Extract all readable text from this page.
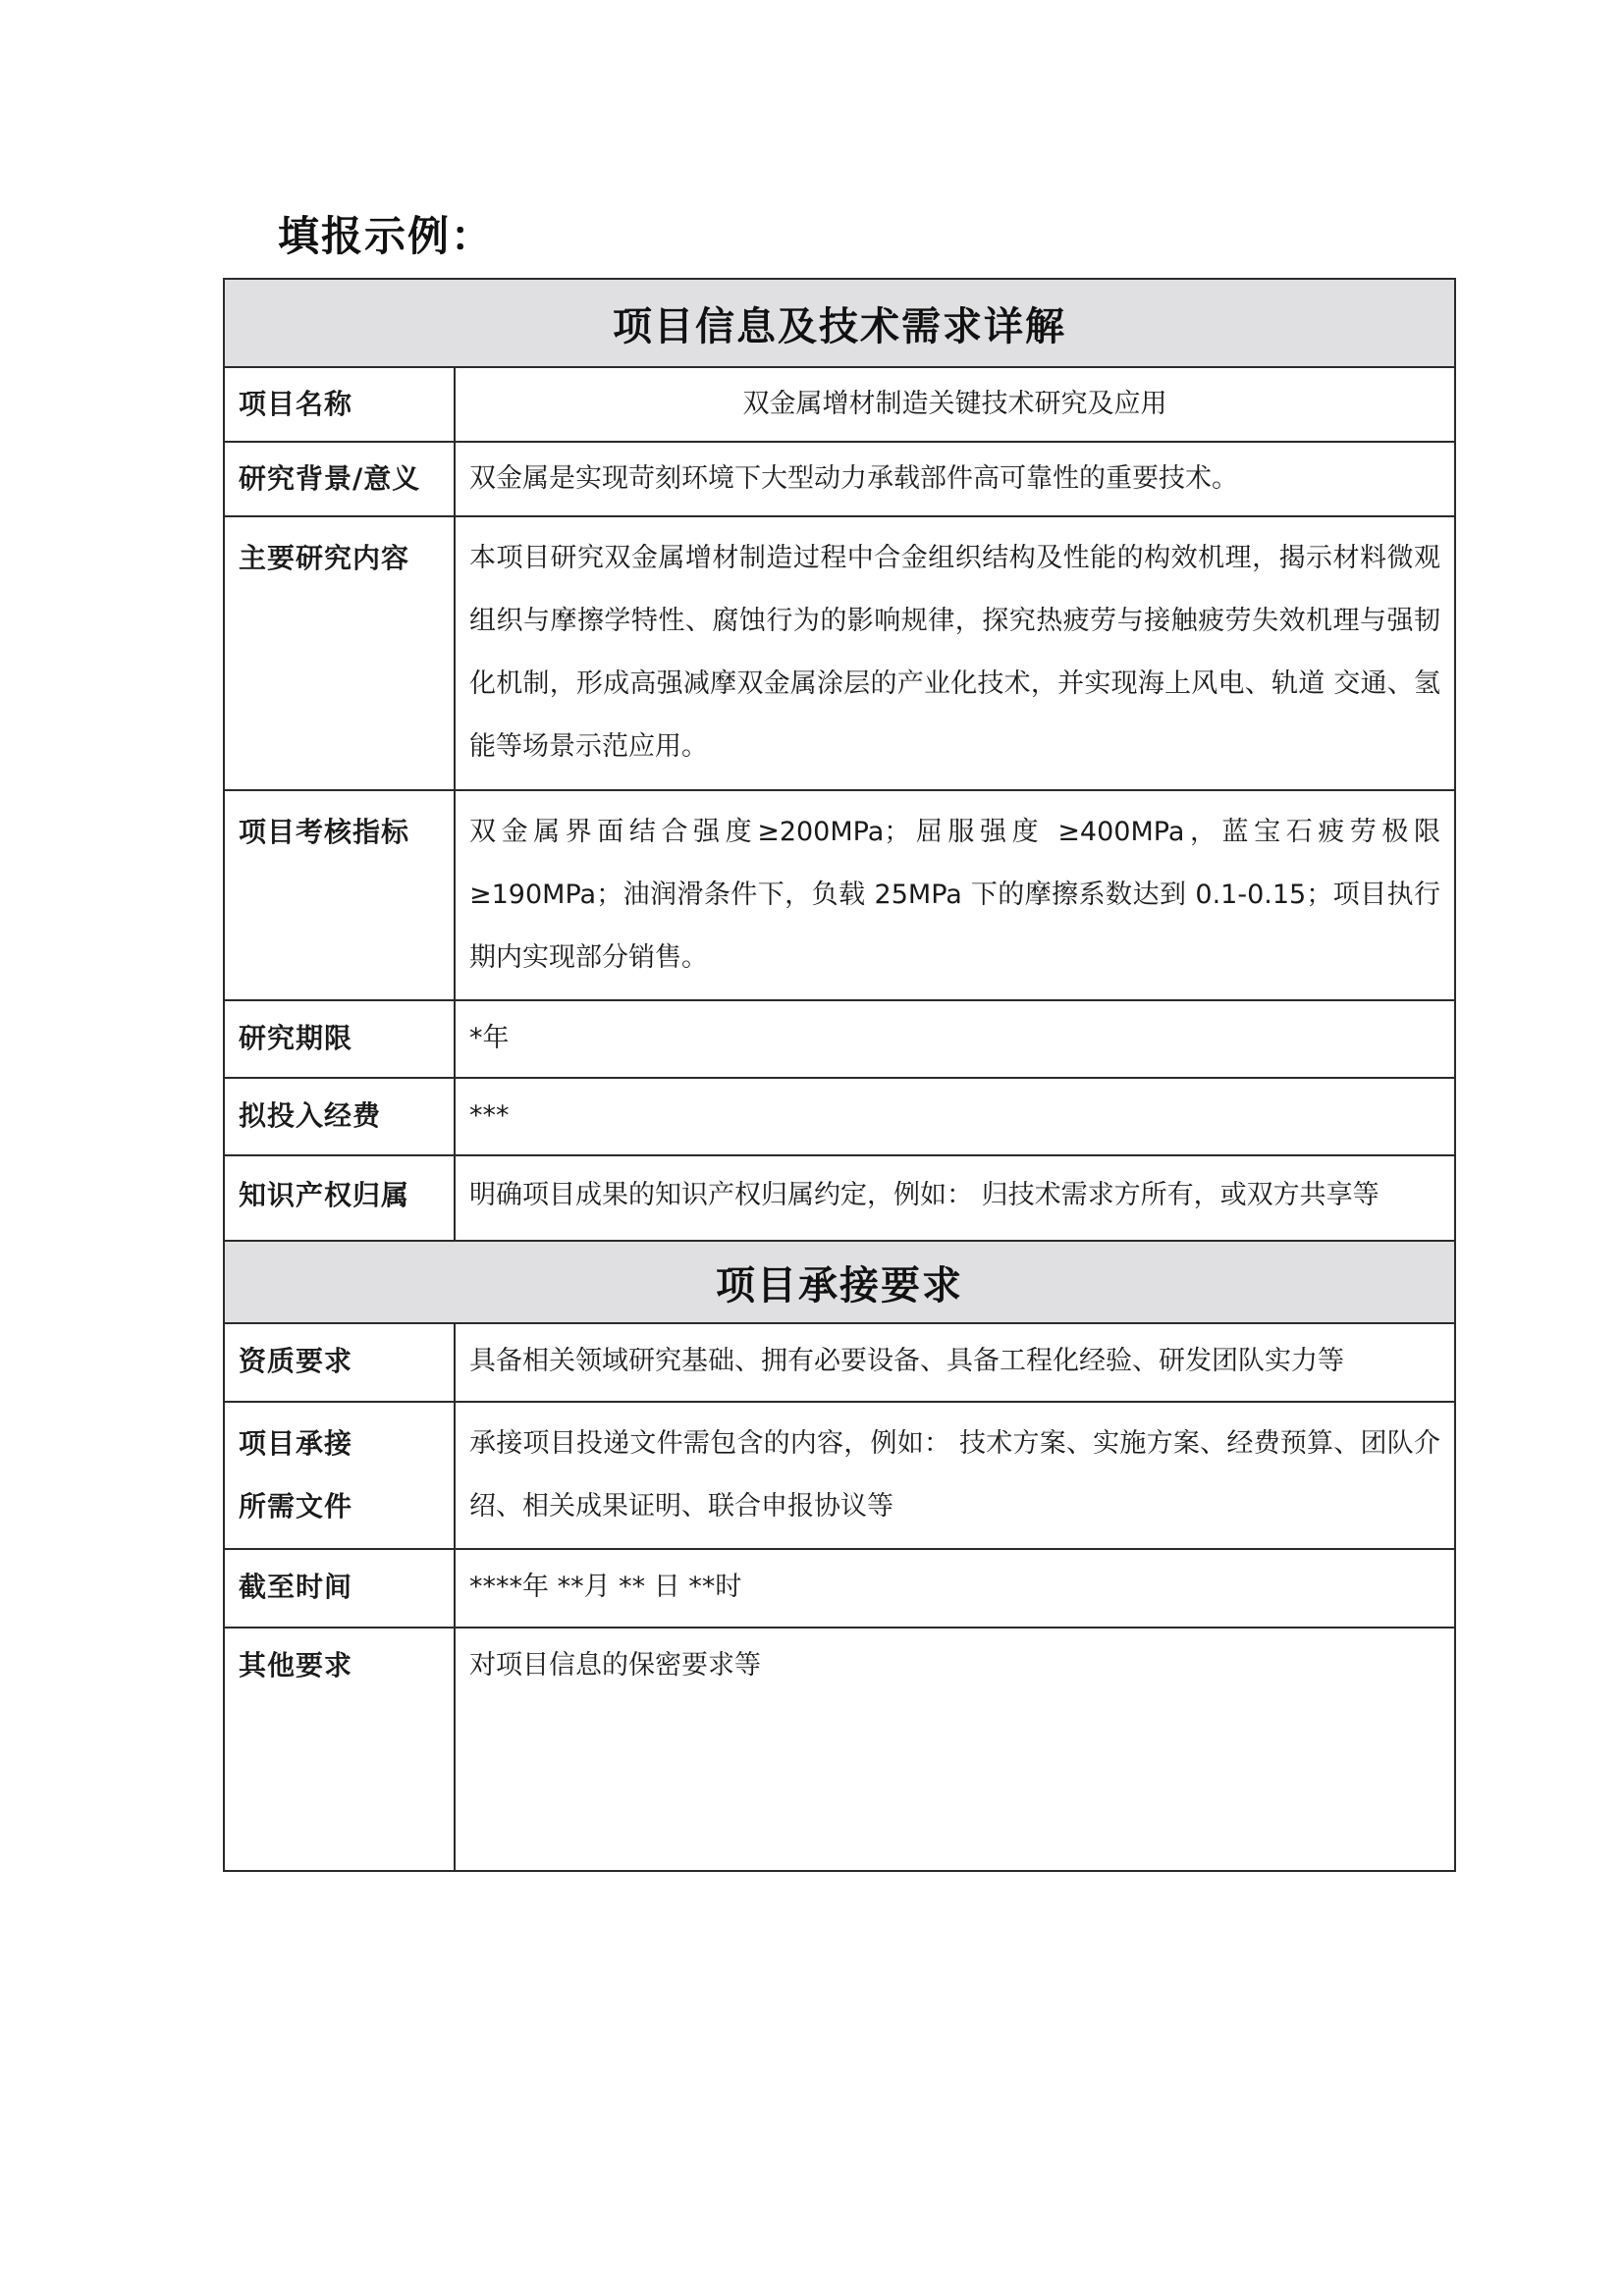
填报示例：
项目信息及技术需求详解	
项目名称	双金属增材制造关键技术研究及应用
研究背景/意义	双金属是实现苛刻环境下大型动力承载部件高可靠性的重要技术。
主要研究内容	本项目研究双金属增材制造过程中合金组织结构及性能的构效机理，揭示材料微观组织与摩擦学特性、腐蚀行为的影响规律，探究热疲劳与接触疲劳失效机理与强韧化机制，形成高强减摩双金属涂层的产业化技术，并实现海上风电、轨道 交通、氢能等场景示范应用。
项目考核指标	双金属界面结合强度≥200MPa；屈服强度 ≥400MPa，蓝宝石疲劳极限≥190MPa；油润滑条件下，负载 25MPa 下的摩擦系数达到 0.1-0.15；项目执行期内实现部分销售。
研究期限	*年
拟投入经费	***
知识产权归属	明确项目成果的知识产权归属约定，例如： 归技术需求方所有，或双方共享等
项目承接要求	
资质要求	具备相关领域研究基础、拥有必要设备、具备工程化经验、研发团队实力等

项目承接
所需文件	承接项目投递文件需包含的内容，例如： 技术方案、实施方案、经费预算、团队介绍、相关成果证明、联合申报协议等
截至时间	****年 **月 ** 日 **时
其他要求	对项目信息的保密要求等
